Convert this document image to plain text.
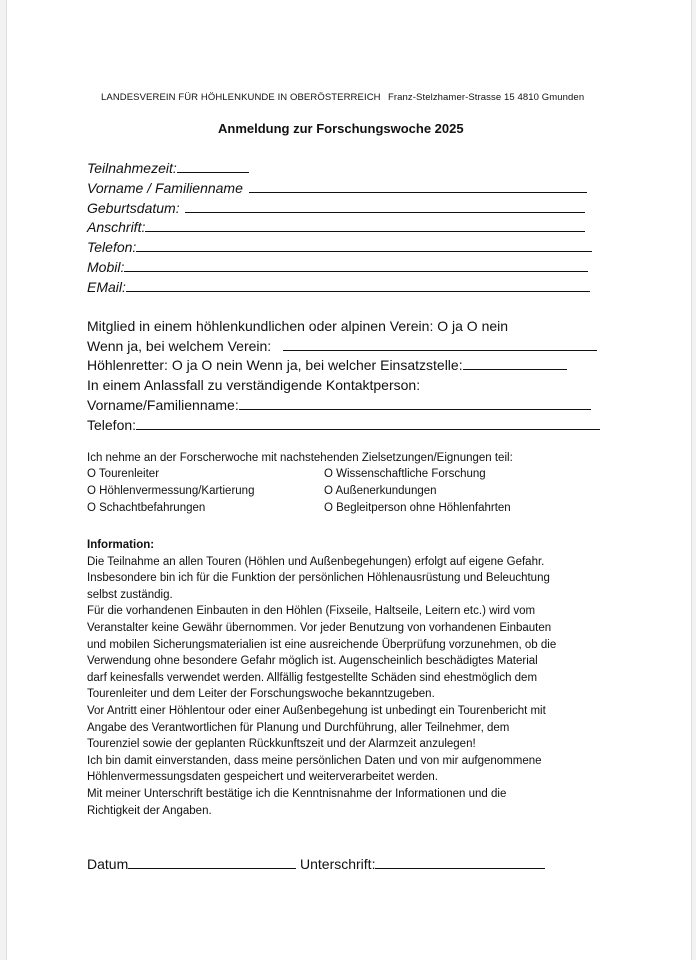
LANDESVEREIN FÜR HÖHLENKUNDE IN OBERÖSTERREICH Franz-Stelzhamer-Strasse 15 4810 Gmunden
Anmeldung zur Forschungswoche 2025
Teilnahmezeit:
Vorname / Familienname
Geburtsdatum:
Anschrift:
Telefon:
Mobil:
EMail:
Mitglied in einem höhlenkundlichen oder alpinen Verein: O ja O nein
Wenn ja, bei welchem Verein:
Höhlenretter: O ja O nein Wenn ja, bei welcher Einsatzstelle:
In einem Anlassfall zu verständigende Kontaktperson:
Vorname/Familienname:
Telefon:
Ich nehme an der Forscherwoche mit nachstehenden Zielsetzungen/Eignungen teil:
O Tourenleiter
O Höhlenvermessung/Kartierung
O Schachtbefahrungen
O Wissenschaftliche Forschung
O Außenerkundungen
O Begleitperson ohne Höhlenfahrten
Information:
Die Teilnahme an allen Touren (Höhlen und Außenbegehungen) erfolgt auf eigene Gefahr.
Insbesondere bin ich für die Funktion der persönlichen Höhlenausrüstung und Beleuchtung
selbst zuständig.
Für die vorhandenen Einbauten in den Höhlen (Fixseile, Haltseile, Leitern etc.) wird vom
Veranstalter keine Gewähr übernommen. Vor jeder Benutzung von vorhandenen Einbauten
und mobilen Sicherungsmaterialien ist eine ausreichende Überprüfung vorzunehmen, ob die
Verwendung ohne besondere Gefahr möglich ist. Augenscheinlich beschädigtes Material
darf keinesfalls verwendet werden. Allfällig festgestellte Schäden sind ehestmöglich dem
Tourenleiter und dem Leiter der Forschungswoche bekanntzugeben.
Vor Antritt einer Höhlentour oder einer Außenbegehung ist unbedingt ein Tourenbericht mit
Angabe des Verantwortlichen für Planung und Durchführung, aller Teilnehmer, dem
Tourenziel sowie der geplanten Rückkunftszeit und der Alarmzeit anzulegen!
Ich bin damit einverstanden, dass meine persönlichen Daten und von mir aufgenommene
Höhlenvermessungsdaten gespeichert und weiterverarbeitet werden.
Mit meiner Unterschrift bestätige ich die Kenntnisnahme der Informationen und die
Richtigkeit der Angaben.
Datum	Unterschrift:
